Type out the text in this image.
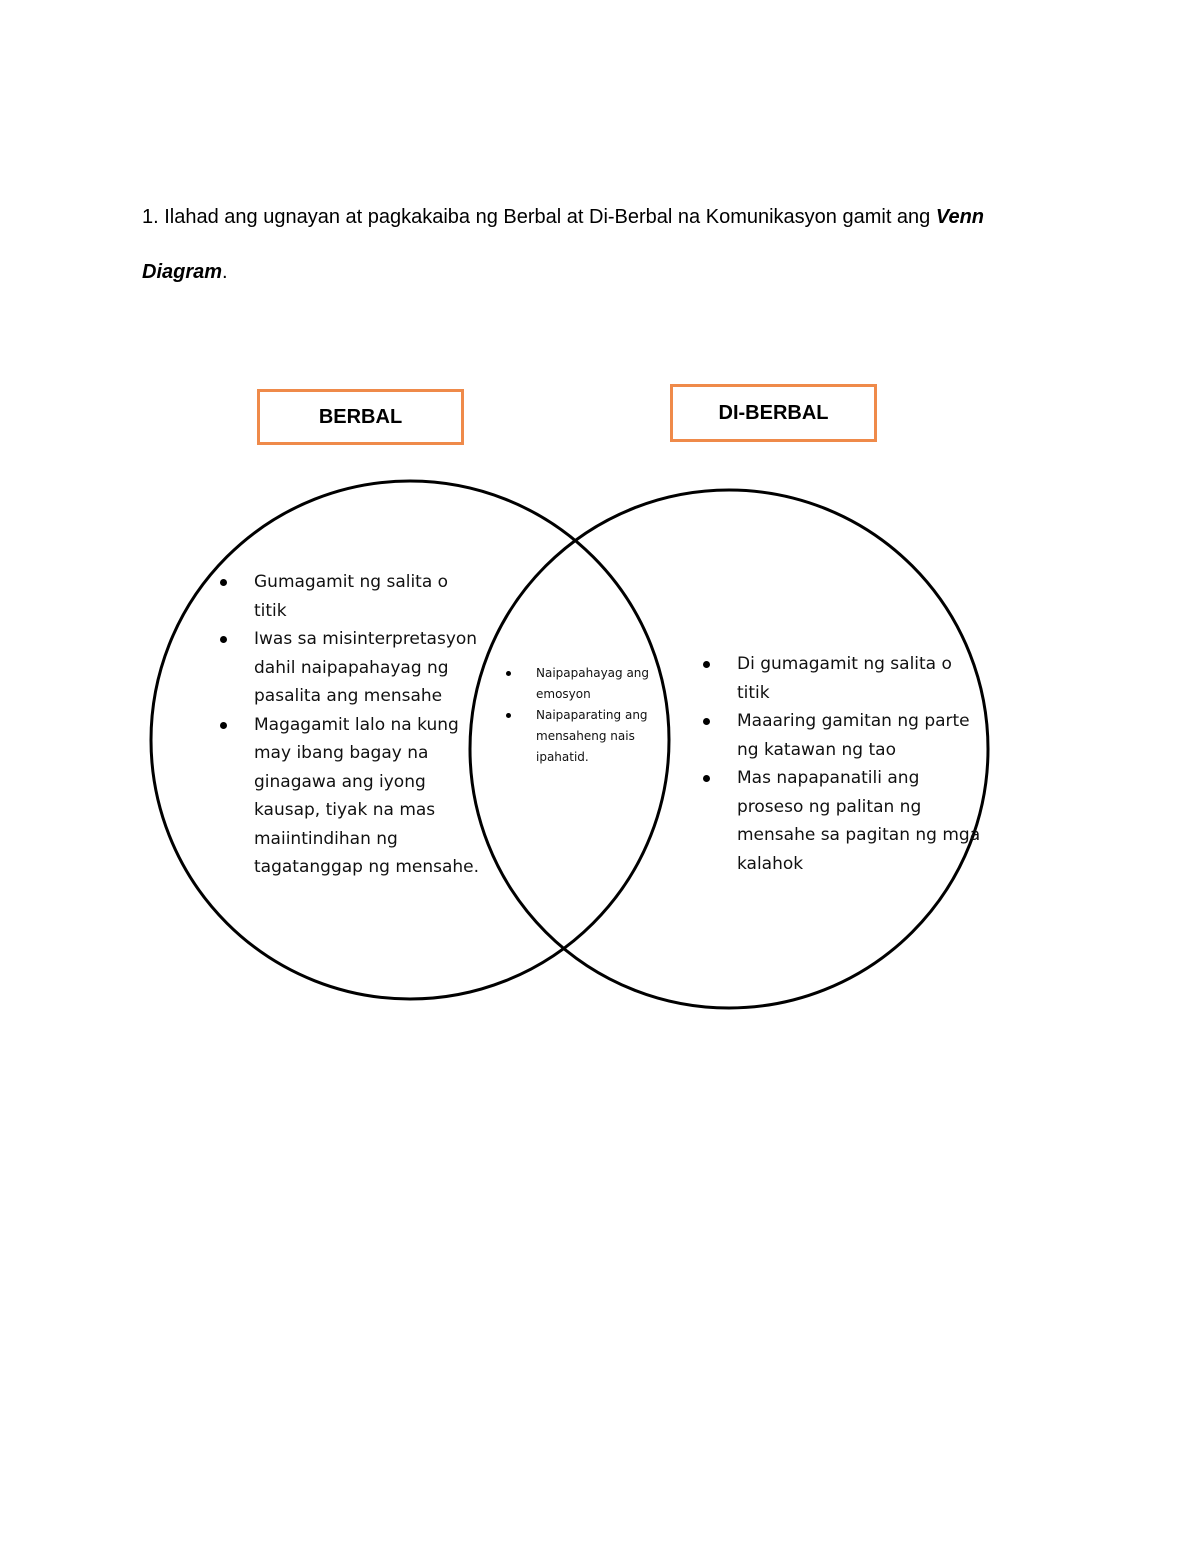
1. Ilahad ang ugnayan at pagkakaiba ng Berbal at Di-Berbal na Komunikasyon gamit ang Venn Diagram.
BERBAL	DI-BERBAL
Gumagamit ng salita o titik
Iwas sa misinterpretasyon dahil naipapahayag ng pasalita ang mensahe
Magagamit lalo na kung may ibang bagay na ginagawa ang iyong kausap, tiyak na mas maiintindihan ng tagatanggap ng mensahe.
Naipapahayag ang emosyon
Naipaparating ang mensaheng nais ipahatid.
Di gumagamit ng salita o titik
Maaaring gamitan ng parte ng katawan ng tao
Mas napapanatili ang proseso ng palitan ng mensahe sa pagitan ng mga kalahok
